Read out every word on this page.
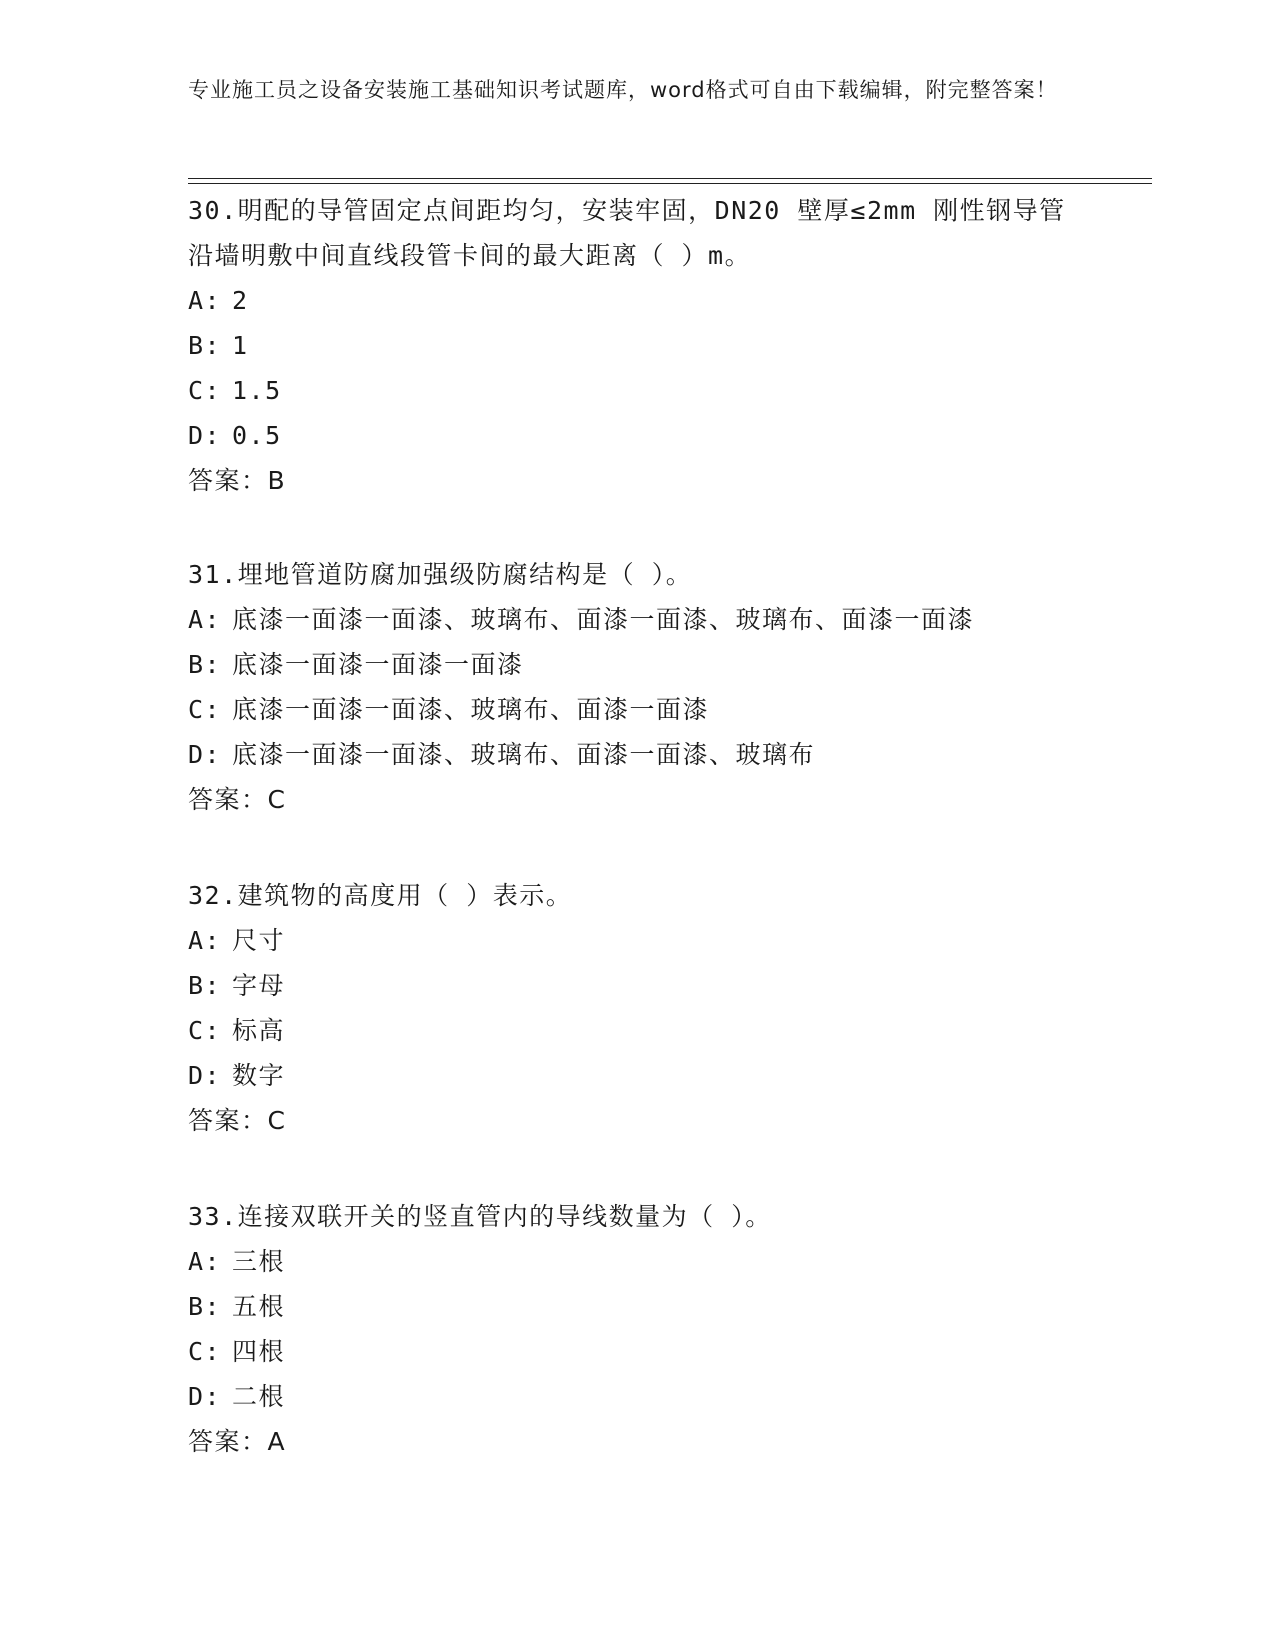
专业施工员之设备安装施工基础知识考试题库，word格式可自由下载编辑，附完整答案！

30.明配的导管固定点间距均匀，安装牢固，DN20 壁厚≤2mm 刚性钢导管沿墙明敷中间直线段管卡间的最大距离（ ）m。

A: 2

B: 1

C: 1.5

D: 0.5

答案：B

31.埋地管道防腐加强级防腐结构是（ ）。

A: 底漆一面漆一面漆、玻璃布、面漆一面漆、玻璃布、面漆一面漆

B: 底漆一面漆一面漆一面漆

C: 底漆一面漆一面漆、玻璃布、面漆一面漆

D: 底漆一面漆一面漆、玻璃布、面漆一面漆、玻璃布

答案：C

32.建筑物的高度用（ ）表示。

A: 尺寸

B: 字母

C: 标高

D: 数字

答案：C

33.连接双联开关的竖直管内的导线数量为（ ）。

A: 三根

B: 五根

C: 四根

D: 二根

答案：A
